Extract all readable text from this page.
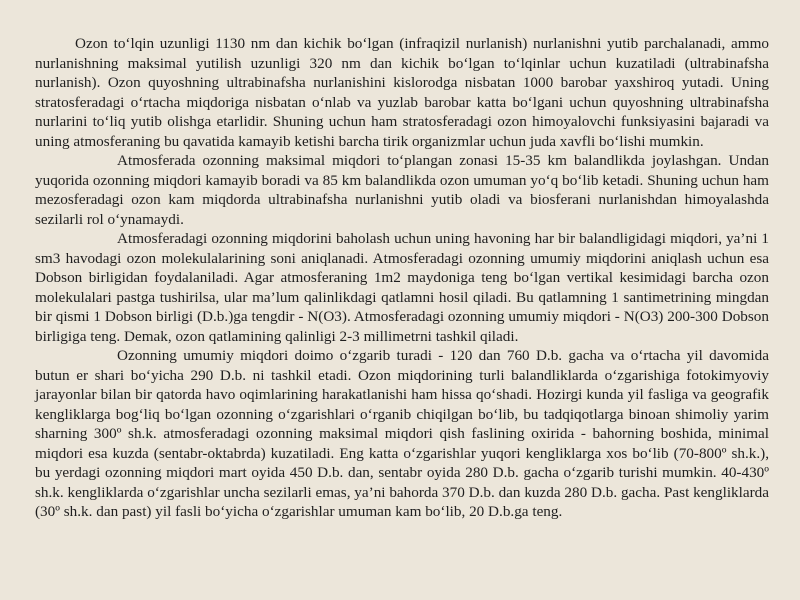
Ozon to‘lqin uzunligi 1130 nm dan kichik bo‘lgan (infraqizil nurlanish) nurlanishni yutib parchalanadi, ammo nurlanishning maksimal yutilish uzunligi 320 nm dan kichik bo‘lgan to‘lqinlar uchun kuzatiladi (ultrabinafsha nurlanish). Ozon quyoshning ultrabinafsha nurlanishini kislorodga nisbatan 1000 barobar yaxshiroq yutadi. Uning stratosferadagi o‘rtacha miqdoriga nisbatan o‘nlab va yuzlab barobar katta bo‘lgani uchun quyoshning ultrabinafsha nurlarini to‘liq yutib olishga etarlidir. Shuning uchun ham stratosferadagi ozon himoyalovchi funksiyasini bajaradi va uning atmosferaning bu qavatida kamayib ketishi barcha tirik organizmlar uchun juda xavfli bo‘lishi mumkin.

Atmosferada ozonning maksimal miqdori to‘plangan zonasi 15-35 km balandlikda joylashgan. Undan yuqorida ozonning miqdori kamayib boradi va 85 km balandlikda ozon umuman yo‘q bo‘lib ketadi. Shuning uchun ham mezosferadagi ozon kam miqdorda ultrabinafsha nurlanishni yutib oladi va biosferani nurlanishdan himoyalashda sezilarli rol o‘ynamaydi.

Atmosferadagi ozonning miqdorini baholash uchun uning havoning har bir balandligidagi miqdori, ya’ni 1 sm3 havodagi ozon molekulalarining soni aniqlanadi. Atmosferadagi ozonning umumiy miqdorini aniqlash uchun esa Dobson birligidan foydalaniladi. Agar atmosferaning 1m2 maydoniga teng bo‘lgan vertikal kesimidagi barcha ozon molekulalari pastga tushirilsa, ular ma’lum qalinlikdagi qatlamni hosil qiladi. Bu qatlamning 1 santimetrining mingdan bir qismi 1 Dobson birligi (D.b.)ga tengdir - N(O3). Atmosferadagi ozonning umumiy miqdori - N(O3) 200-300 Dobson birligiga teng. Demak, ozon qatlamining qalinligi 2-3 millimetrni tashkil qiladi.

Ozonning umumiy miqdori doimo o‘zgarib turadi - 120 dan 760 D.b. gacha va o‘rtacha yil davomida butun er shari bo‘yicha 290 D.b. ni tashkil etadi. Ozon miqdorining turli balandliklarda o‘zgarishiga fotokimyoviy jarayonlar bilan bir qatorda havo oqimlarining harakatlanishi ham hissa qo‘shadi. Hozirgi kunda yil fasliga va geografik kengliklarga bog‘liq bo‘lgan ozonning o‘zgarishlari o‘rganib chiqilgan bo‘lib, bu tadqiqotlarga binoan shimoliy yarim sharning 300º sh.k. atmosferadagi ozonning maksimal miqdori qish faslining oxirida - bahorning boshida, minimal miqdori esa kuzda (sentabr-oktabrda) kuzatiladi. Eng katta o‘zgarishlar yuqori kengliklarga xos bo‘lib (70-800º sh.k.), bu yerdagi ozonning miqdori mart oyida 450 D.b. dan, sentabr oyida 280 D.b. gacha o‘zgarib turishi mumkin. 40-430º sh.k. kengliklarda o‘zgarishlar uncha sezilarli emas, ya’ni bahorda 370 D.b. dan kuzda 280 D.b. gacha. Past kengliklarda (30º sh.k. dan past) yil fasli bo‘yicha o‘zgarishlar umuman kam bo‘lib, 20 D.b.ga teng.
